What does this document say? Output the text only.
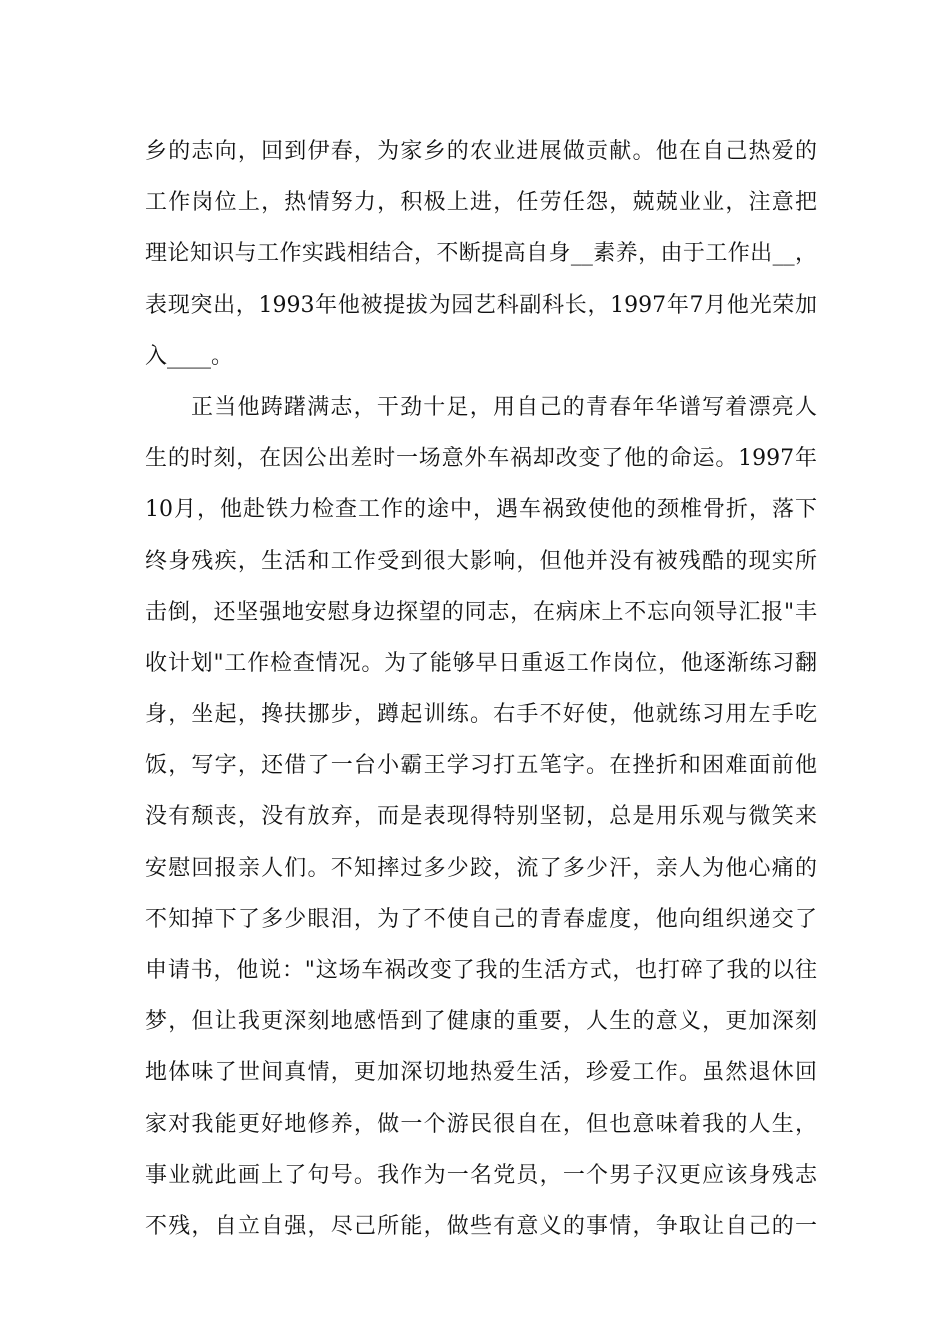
乡的志向，回到伊春，为家乡的农业进展做贡献。他在自己热爱的
工作岗位上，热情努力，积极上进，任劳任怨，兢兢业业，注意把
理论知识与工作实践相结合，不断提高自身__素养，由于工作出__，
表现突出，1993年他被提拔为园艺科副科长，1997年7月他光荣加
入____。
正当他踌躇满志，干劲十足，用自己的青春年华谱写着漂亮人
生的时刻，在因公出差时一场意外车祸却改变了他的命运。1997年
10月，他赴铁力检查工作的途中，遇车祸致使他的颈椎骨折，落下
终身残疾，生活和工作受到很大影响，但他并没有被残酷的现实所
击倒，还坚强地安慰身边探望的同志，在病床上不忘向领导汇报"丰
收计划"工作检查情况。为了能够早日重返工作岗位，他逐渐练习翻
身，坐起，搀扶挪步，蹲起训练。右手不好使，他就练习用左手吃
饭，写字，还借了一台小霸王学习打五笔字。在挫折和困难面前他
没有颓丧，没有放弃，而是表现得特别坚韧，总是用乐观与微笑来
安慰回报亲人们。不知摔过多少跤，流了多少汗，亲人为他心痛的
不知掉下了多少眼泪，为了不使自己的青春虚度，他向组织递交了
申请书，他说："这场车祸改变了我的生活方式，也打碎了我的以往
梦，但让我更深刻地感悟到了健康的重要，人生的意义，更加深刻
地体味了世间真情，更加深切地热爱生活，珍爱工作。虽然退休回
家对我能更好地修养，做一个游民很自在，但也意味着我的人生，
事业就此画上了句号。我作为一名党员，一个男子汉更应该身残志
不残，自立自强，尽己所能，做些有意义的事情，争取让自己的一
